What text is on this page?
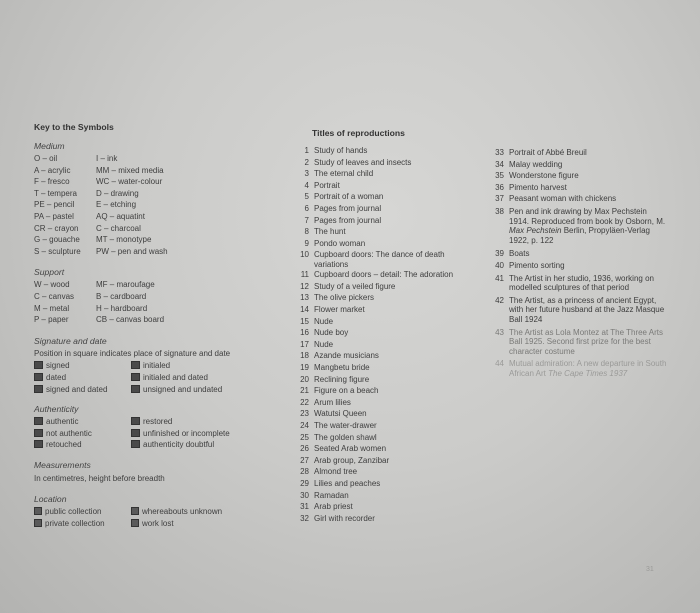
Key to the Symbols
Medium
O – oil
A – acrylic
F – fresco
T – tempera
PE – pencil
PA – pastel
CR – crayon
G – gouache
S – sculpture
I – ink
MM – mixed media
WC – water-colour
D – drawing
E – etching
AQ – aquatint
C – charcoal
MT – monotype
PW – pen and wash
Support
W – wood
C – canvas
M – metal
P – paper
MF – maroufage
B – cardboard
H – hardboard
CB – canvas board
Signature and date
Position in square indicates place of signature and date
signed
dated
signed and dated
initialed
initialed and dated
unsigned and undated
Authenticity
authentic
not authentic
retouched
restored
unfinished or incomplete
authenticity doubtful
Measurements
In centimetres, height before breadth
Location
public collection
private collection
whereabouts unknown
work lost
Titles of reproductions
1 Study of hands
2 Study of leaves and insects
3 The eternal child
4 Portrait
5 Portrait of a woman
6 Pages from journal
7 Pages from journal
8 The hunt
9 Pondo woman
10 Cupboard doors: The dance of death variations
11 Cupboard doors – detail: The adoration
12 Study of a veiled figure
13 The olive pickers
14 Flower market
15 Nude
16 Nude boy
17 Nude
18 Azande musicians
19 Mangbetu bride
20 Reclining figure
21 Figure on a beach
22 Arum lilies
23 Watutsi Queen
24 The water-drawer
25 The golden shawl
26 Seated Arab women
27 Arab group, Zanzibar
28 Almond tree
29 Lilies and peaches
30 Ramadan
31 Arab priest
32 Girl with recorder
33 Portrait of Abbé Breuil
34 Malay wedding
35 Wonderstone figure
36 Pimento harvest
37 Peasant woman with chickens
38 Pen and ink drawing by Max Pechstein 1914. Reproduced from book by Osborn, M. Max Pechstein Berlin, Propyläen-Verlag 1922, p. 122
39 Boats
40 Pimento sorting
41 The Artist in her studio, 1936, working on modelled sculptures of that period
42 The Artist, as a princess of ancient Egypt, with her future husband at the Jazz Masque Ball 1924
43 The Artist as Lola Montez at The Three Arts Ball 1925. Second first prize for the best character costume
44 Mutual admiration: A new departure in South African Art The Cape Times 1937
31
